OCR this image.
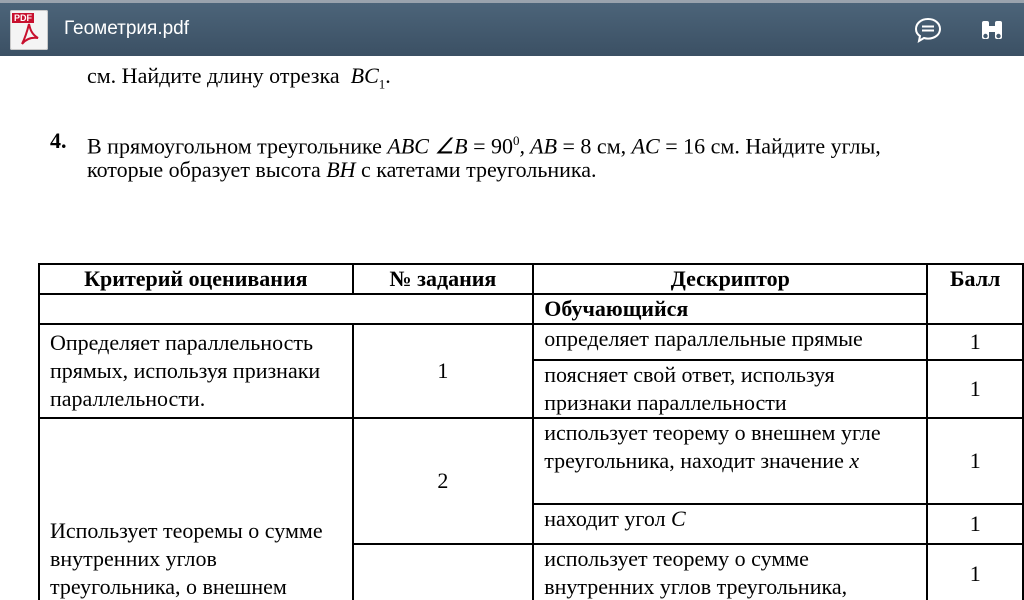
PDF Геометрия.pdf
см. Найдите длину отрезка $BC_1$.
4. В прямоугольном треугольнике ABC ∠B = $90^0$, AB = 8 см, AC = 16 см. Найдите углы,
которые образует высота BH с катетами треугольника.
Критерий оценивания	№ задания	Дескриптор	Балл
		Обучающийся	
Определяет параллельность прямых, используя признаки параллельности.	1	определяет параллельные прямые	1
		поясняет свой ответ, используя признаки параллельности	1
Использует теоремы о сумме внутренних углов треугольника, о внешнем	2	использует теорему о внешнем угле треугольника, находит значение x	1
		находит угол C	1
		использует теорему о сумме внутренних углов треугольника,	1
